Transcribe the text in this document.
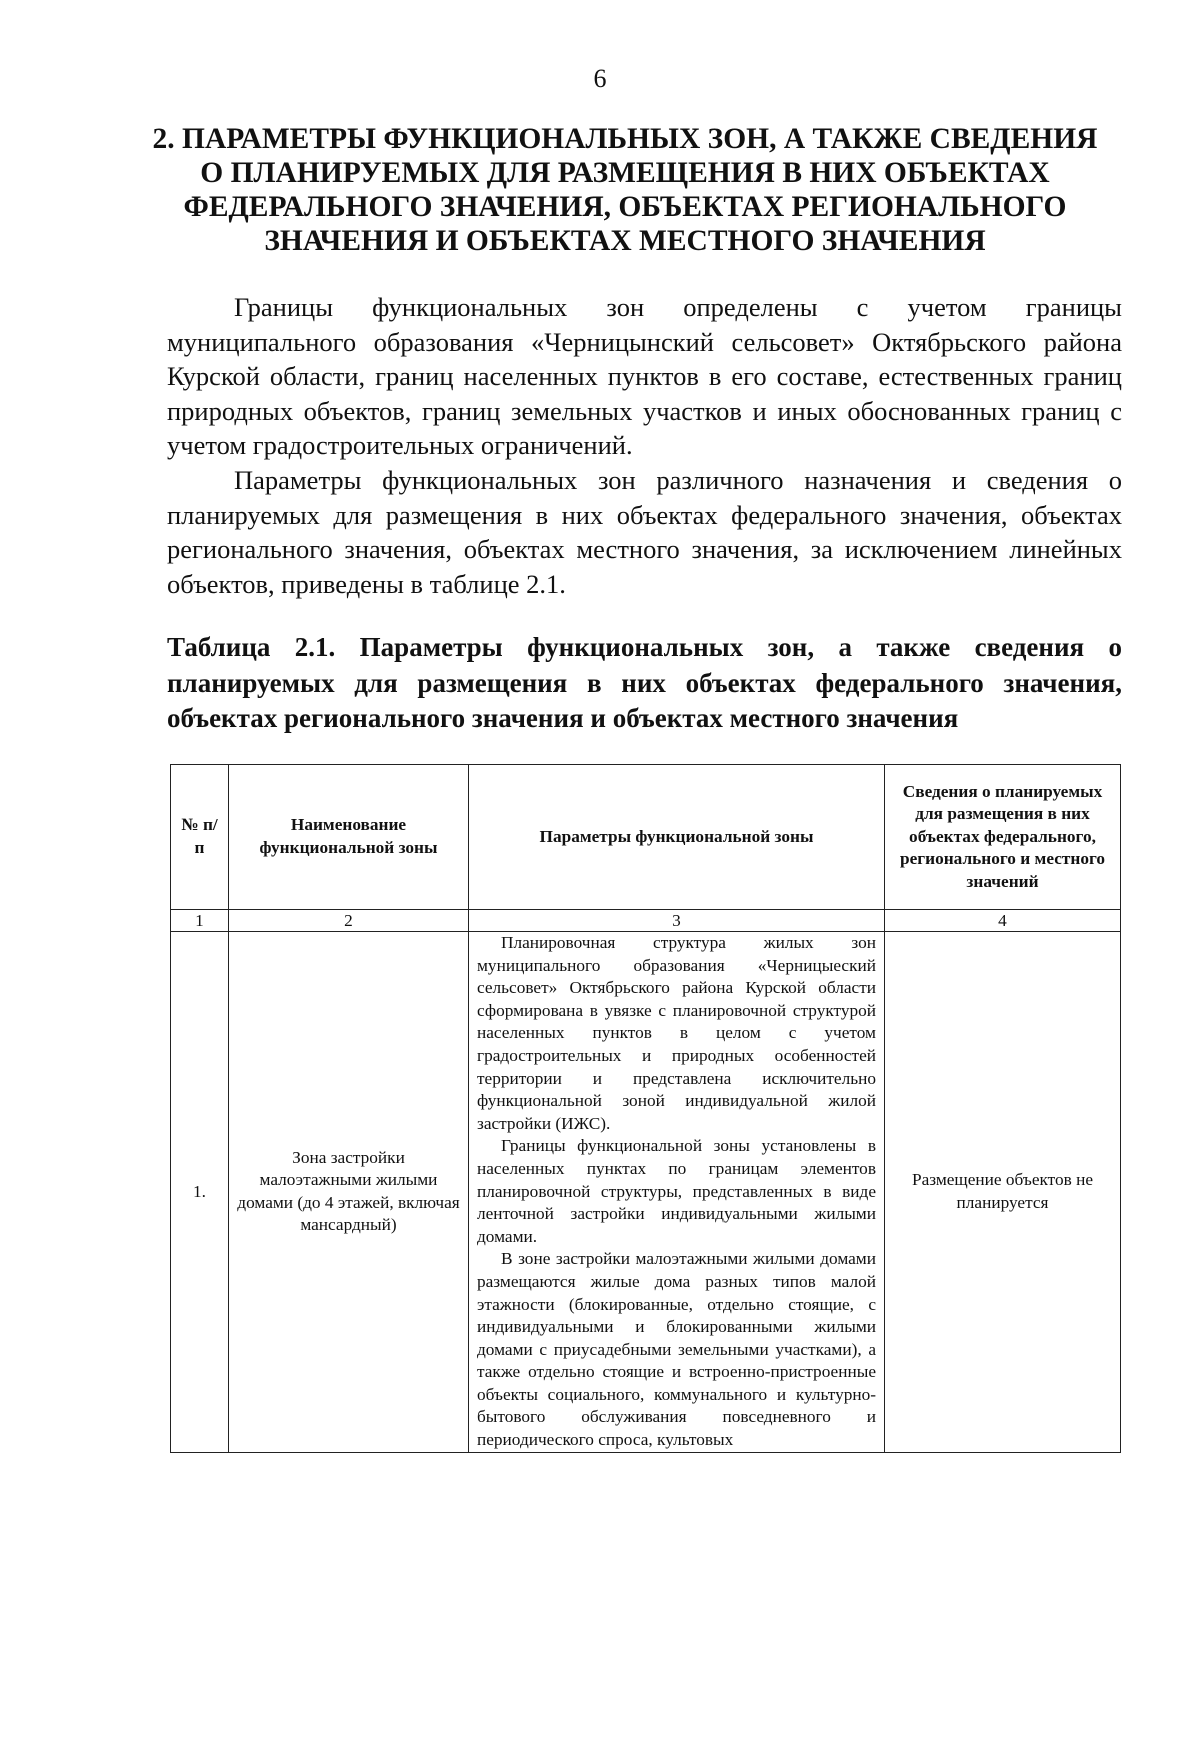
6
2. ПАРАМЕТРЫ ФУНКЦИОНАЛЬНЫХ ЗОН, А ТАКЖЕ СВЕДЕНИЯ
О ПЛАНИРУЕМЫХ ДЛЯ РАЗМЕЩЕНИЯ В НИХ ОБЪЕКТАХ
ФЕДЕРАЛЬНОГО ЗНАЧЕНИЯ, ОБЪЕКТАХ РЕГИОНАЛЬНОГО
ЗНАЧЕНИЯ И ОБЪЕКТАХ МЕСТНОГО ЗНАЧЕНИЯ

Границы функциональных зон определены с учетом границы муниципального образования «Черницынский сельсовет» Октябрьского района Курской области, границ населенных пунктов в его составе, естественных границ природных объектов, границ земельных участков и иных обоснованных границ с учетом градостроительных ограничений.

Параметры функциональных зон различного назначения и сведения о планируемых для размещения в них объектах федерального значения, объектах регионального значения, объектах местного значения, за исключением линейных объектов, приведены в таблице 2.1.

Таблица 2.1. Параметры функциональных зон, а также сведения о планируемых для размещения в них объектах федерального значения, объектах регионального значения и объектах местного значения

№ п/п	Наименование функциональной зоны	Параметры функциональной зоны	Сведения о планируемых для размещения в них объектах федерального, регионального и местного значений
1	2	3	4
1.	Зона застройки малоэтажными жилыми домами (до 4 этажей, включая мансардный)	Планировочная структура жилых зон муниципального образования «Черницыеский сельсовет» Октябрьского района Курской области сформирована в увязке с планировочной структурой населенных пунктов в целом с учетом градостроительных и природных особенностей территории и представлена исключительно функциональной зоной индивидуальной жилой застройки (ИЖС).

Границы функциональной зоны установлены в населенных пунктах по границам элементов планировочной структуры, представленных в виде ленточной застройки индивидуальными жилыми домами.

В зоне застройки малоэтажными жилыми домами размещаются жилые дома разных типов малой этажности (блокированные, отдельно стоящие, с индивидуальными и блокированными жилыми домами с приусадебными земельными участками), а также отдельно стоящие и встроенно-пристроенные объекты социального, коммунального и культурно-бытового обслуживания повседневного и периодического спроса, культовых	Размещение объектов не планируется
